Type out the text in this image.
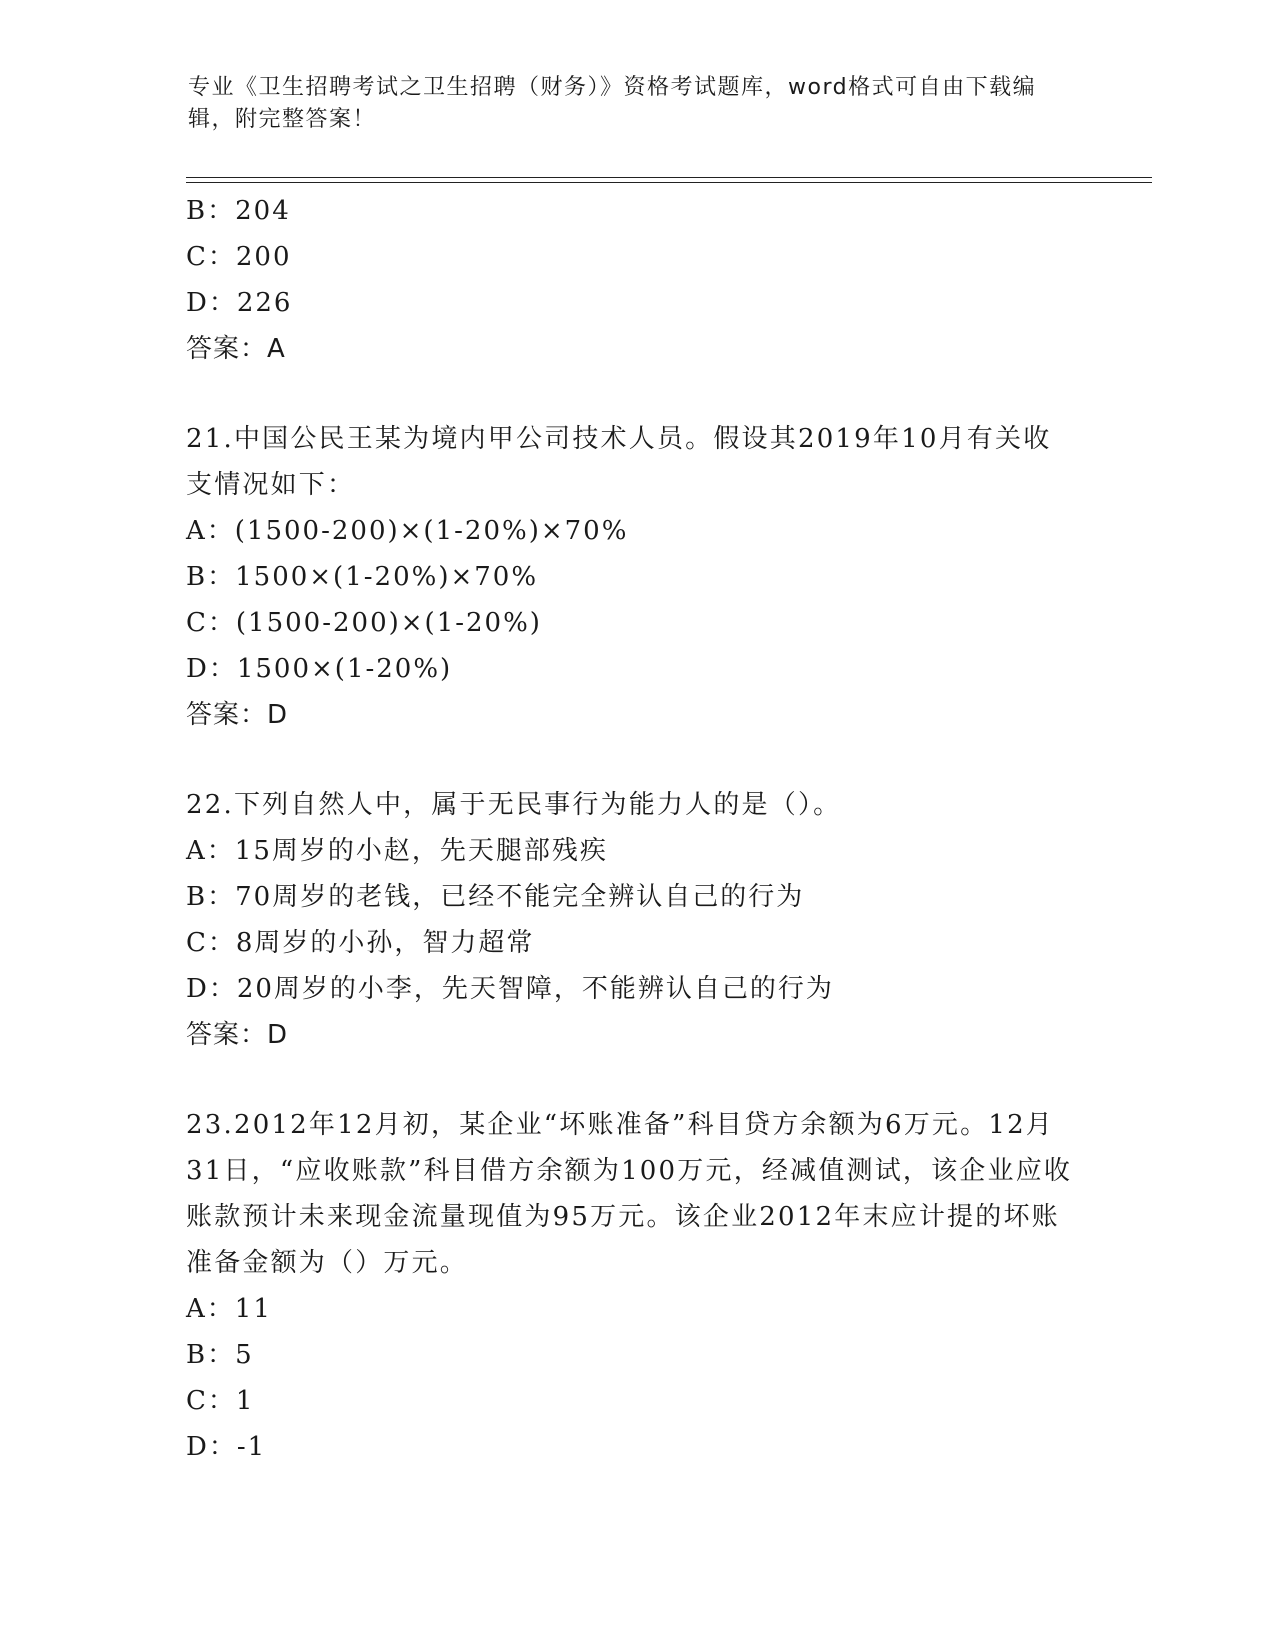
专业《卫生招聘考试之卫生招聘（财务）》资格考试题库，word格式可自由下载编辑，附完整答案！
B：204
C：200
D：226
答案：A
21.中国公民王某为境内甲公司技术人员。假设其2019年10月有关收支情况如下：
A：(1500-200)×(1-20%)×70%
B：1500×(1-20%)×70%
C：(1500-200)×(1-20%)
D：1500×(1-20%)
答案：D
22.下列自然人中，属于无民事行为能力人的是（）。
A：15周岁的小赵，先天腿部残疾
B：70周岁的老钱，已经不能完全辨认自己的行为
C：8周岁的小孙，智力超常
D：20周岁的小李，先天智障，不能辨认自己的行为
答案：D
23.2012年12月初，某企业“坏账准备”科目贷方余额为6万元。12月31日，“应收账款”科目借方余额为100万元，经减值测试，该企业应收账款预计未来现金流量现值为95万元。该企业2012年末应计提的坏账准备金额为（）万元。
A：11
B：5
C：1
D：-1
